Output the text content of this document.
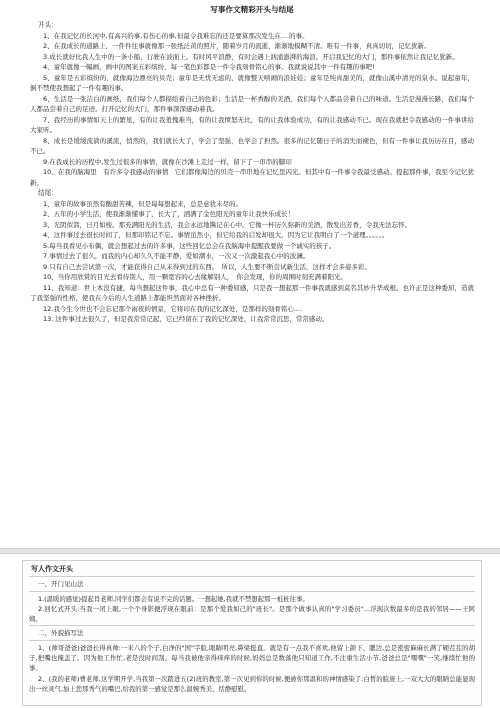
写事作文精彩开头与结尾
开头：

1、在我记忆的长河中,有高兴的事,有伤心的事,但最令我难忘的还是要算那次发生在....的事。

2、在我成长的道路上，一件件往事就像那一张纸泛黄的照片，随着岁月的流逝，渐渐地模糊不清。唯有一件事，真真切切，记忆犹新。

3.成长就好比我人生中的一条小船，行驶在波面上。有时风平浪静，有时会遇上汹涌澎湃的海浪。开启我记忆的大门，那件事依然让我记忆犹新。

4、童年就像一幅画，画中的图案五彩缤纷，每一笔色彩都是一件令我刻骨铭心的事。我就说说其中一件有趣的事吧!

5、童年是五彩缤纷的，就像海边漂亮的贝壳；童年是无忧无虑的，就像整天嘻闹的浪娃娃；童年是纯真甜美的，就像山溪中清亮的泉水。说起童年，倒不禁使我想起了一件有趣的事。

6、生活是一张洁白的画纸，我们每个人都描绘着自己的色彩；生活是一杯香醇的美酒，我们每个人都品尝着自己的味道。生活是漫漫长路，我们每个人都品尝着自己的足迹。打开记忆的大门，那件事深深感动着我。

7、我经历的事情如天上的繁星，有的让我羞愧难当，有的让我愤怒无比，有的让我体验成功，有的让我感动不已。现在我就把令我感动的一件事讲给大家听。

8、成长是缓缓流淌的溪流，悄然的，我们就长大了，学会了坚强，也学会了担然。很多的记忆随日子的消失而褪色，但有一件事让我历历在目，感动不已。

9.在我成长的历程中,发生过很多的事情，就像在沙滩上走过一样，留下了一串串的脚印

10、在我的脑海里　有许多令我感动的事情　它们都像海边的贝壳一串串地在记忆里闪光。但其中有一件事令我最受感动。提起那件事，我至今记忆犹新。

结尾：

1、童年的故事虽然有酸甜苦辣，但是每每想起来，总是意犹未尽的。

2、五年的小学生活，使我渐渐懂事了，长大了，洒满了金色阳光的童年让我快乐成长！

3、光阴似箭，日月如梭。那充满阳光的生活，我会永远地镌记在心中。它像一杯历久弥新的美酒，散发出芳香，令我无法忘怀。

4、这件事过去很长时间了，但那印铭记不忘。事情虽然小，但它给我的启发却很大，因为它让我明白了一个道理。。。。。。

5.每当我看见小布偶，就会想起过去的许多事，这些回忆总会在我脑海中提醒我要做一个诚实的孩子。

7.事情过去了很久，而我的内心却久久不能平静，爱如潮水，一次又一次激起我心中的波澜。

9.只有自己去尝试第一次，才能获得自己从未得到过的东西。　所以，人生要不断尝试新生活，这样才会多姿多彩。

10、当你用欣赏的目光去看待别人，用一颗宽容的心去缘解别人，　你会发现，你的周围时刻充满着阳光。

11、我知道：世上本没有捷，每当想起这件事，我心中总有一种委屈感，只是我一想起那一件事我就感到莫名其妙升华成根。也许正是这种委屈，造就了我坚强的性格，使我在今后的人生道路上都能坦然面对各种挫折。

12.我今生今世也不会忘记那个雨夜的情景，它将印在我的记忆深处，是那样的刻骨铭心....

13. 这件事过去很久了，但是我常常记起，它已经留在了我的记忆深处，让我常常沉思，常常感动。

写人作文开头
一、开门见山法

1.(温暖的感觉)提起肖老师,同学们都会有说不完的话题。一想起她,我就不禁想起那一桩桩往事。

2.回忆式开头:当我一闭上眼,一个个身影便浮现在眼前：是那个爱我如己的"班长"。是那个做事认真的"学习委员"...浮现次数最多的是我的邻居——王阿姨。

二、外貌描写法

1、(帅哥爸爸)爸爸长得真帅:一米八的个子,白净的"国"字脸,眼睛明亮,鼻梁挺直。就是有一点我不喜欢,他留上颌下、腮边,总是密密麻麻长满了硬茬茬的胡子,把嘴也掩盖了。因为他工作忙,老是没时间刮。每当我被他亲得痒痒的时候,妈妈总是数落他只知道工作,不注重生活小节,爸爸总是"嘿嘿"一笑,继续忙他的事。

2、(我的老师)曹老师,这学期开学,当我第一次踏进五(2)班的教室,第一次见到你的时候,便被你那温和的神情感染了:白皙的脸庞上,一双大大的眼睛总能显现出一丝灵气,加上您那秀气的嘴巴,给我的第一感觉是那么温婉秀美、恬静慰慰。
